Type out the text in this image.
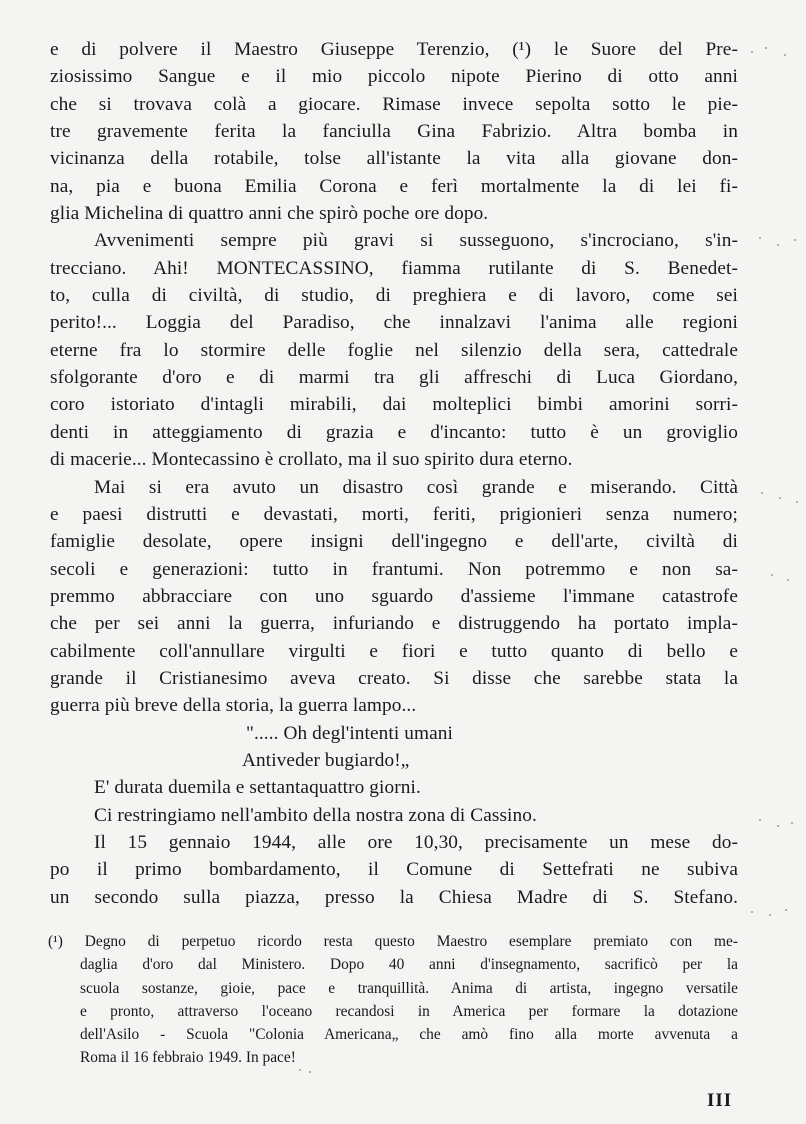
e di polvere il Maestro Giuseppe Terenzio, (¹) le Suore del Pre-
ziosissimo Sangue e il mio piccolo nipote Pierino di otto anni
che si trovava colà a giocare. Rimase invece sepolta sotto le pie-
tre gravemente ferita la fanciulla Gina Fabrizio. Altra bomba in
vicinanza della rotabile, tolse all'istante la vita alla giovane don-
na, pia e buona Emilia Corona e ferì mortalmente la di lei fi-
glia Michelina di quattro anni che spirò poche ore dopo.
Avvenimenti sempre più gravi si susseguono, s'incrociano, s'in-
trecciano. Ahi! MONTECASSINO, fiamma rutilante di S. Benedet-
to, culla di civiltà, di studio, di preghiera e di lavoro, come sei
perito!... Loggia del Paradiso, che innalzavi l'anima alle regioni
eterne fra lo stormire delle foglie nel silenzio della sera, cattedrale
sfolgorante d'oro e di marmi tra gli affreschi di Luca Giordano,
coro istoriato d'intagli mirabili, dai molteplici bimbi amorini sorri-
denti in atteggiamento di grazia e d'incanto: tutto è un groviglio
di macerie... Montecassino è crollato, ma il suo spirito dura eterno.
Mai si era avuto un disastro così grande e miserando. Città
e paesi distrutti e devastati, morti, feriti, prigionieri senza numero;
famiglie desolate, opere insigni dell'ingegno e dell'arte, civiltà di
secoli e generazioni: tutto in frantumi. Non potremmo e non sa-
premmo abbracciare con uno sguardo d'assieme l'immane catastrofe
che per sei anni la guerra, infuriando e distruggendo ha portato impla-
cabilmente coll'annullare virgulti e fiori e tutto quanto di bello e
grande il Cristianesimo aveva creato. Si disse che sarebbe stata la
guerra più breve della storia, la guerra lampo...
"..... Oh degl'intenti umani
Antiveder bugiardo!„
E' durata duemila e settantaquattro giorni.
Ci restringiamo nell'ambito della nostra zona di Cassino.
Il 15 gennaio 1944, alle ore 10,30, precisamente un mese do-
po il primo bombardamento, il Comune di Settefrati ne subiva
un secondo sulla piazza, presso la Chiesa Madre di S. Stefano.
(¹) Degno di perpetuo ricordo resta questo Maestro esemplare premiato con me-
daglia d'oro dal Ministero. Dopo 40 anni d'insegnamento, sacrificò per la
scuola sostanze, gioie, pace e tranquillità. Anima di artista, ingegno versatile
e pronto, attraverso l'oceano recandosi in America per formare la dotazione
dell'Asilo - Scuola "Colonia Americana„ che amò fino alla morte avvenuta a
Roma il 16 febbraio 1949. In pace!
III
